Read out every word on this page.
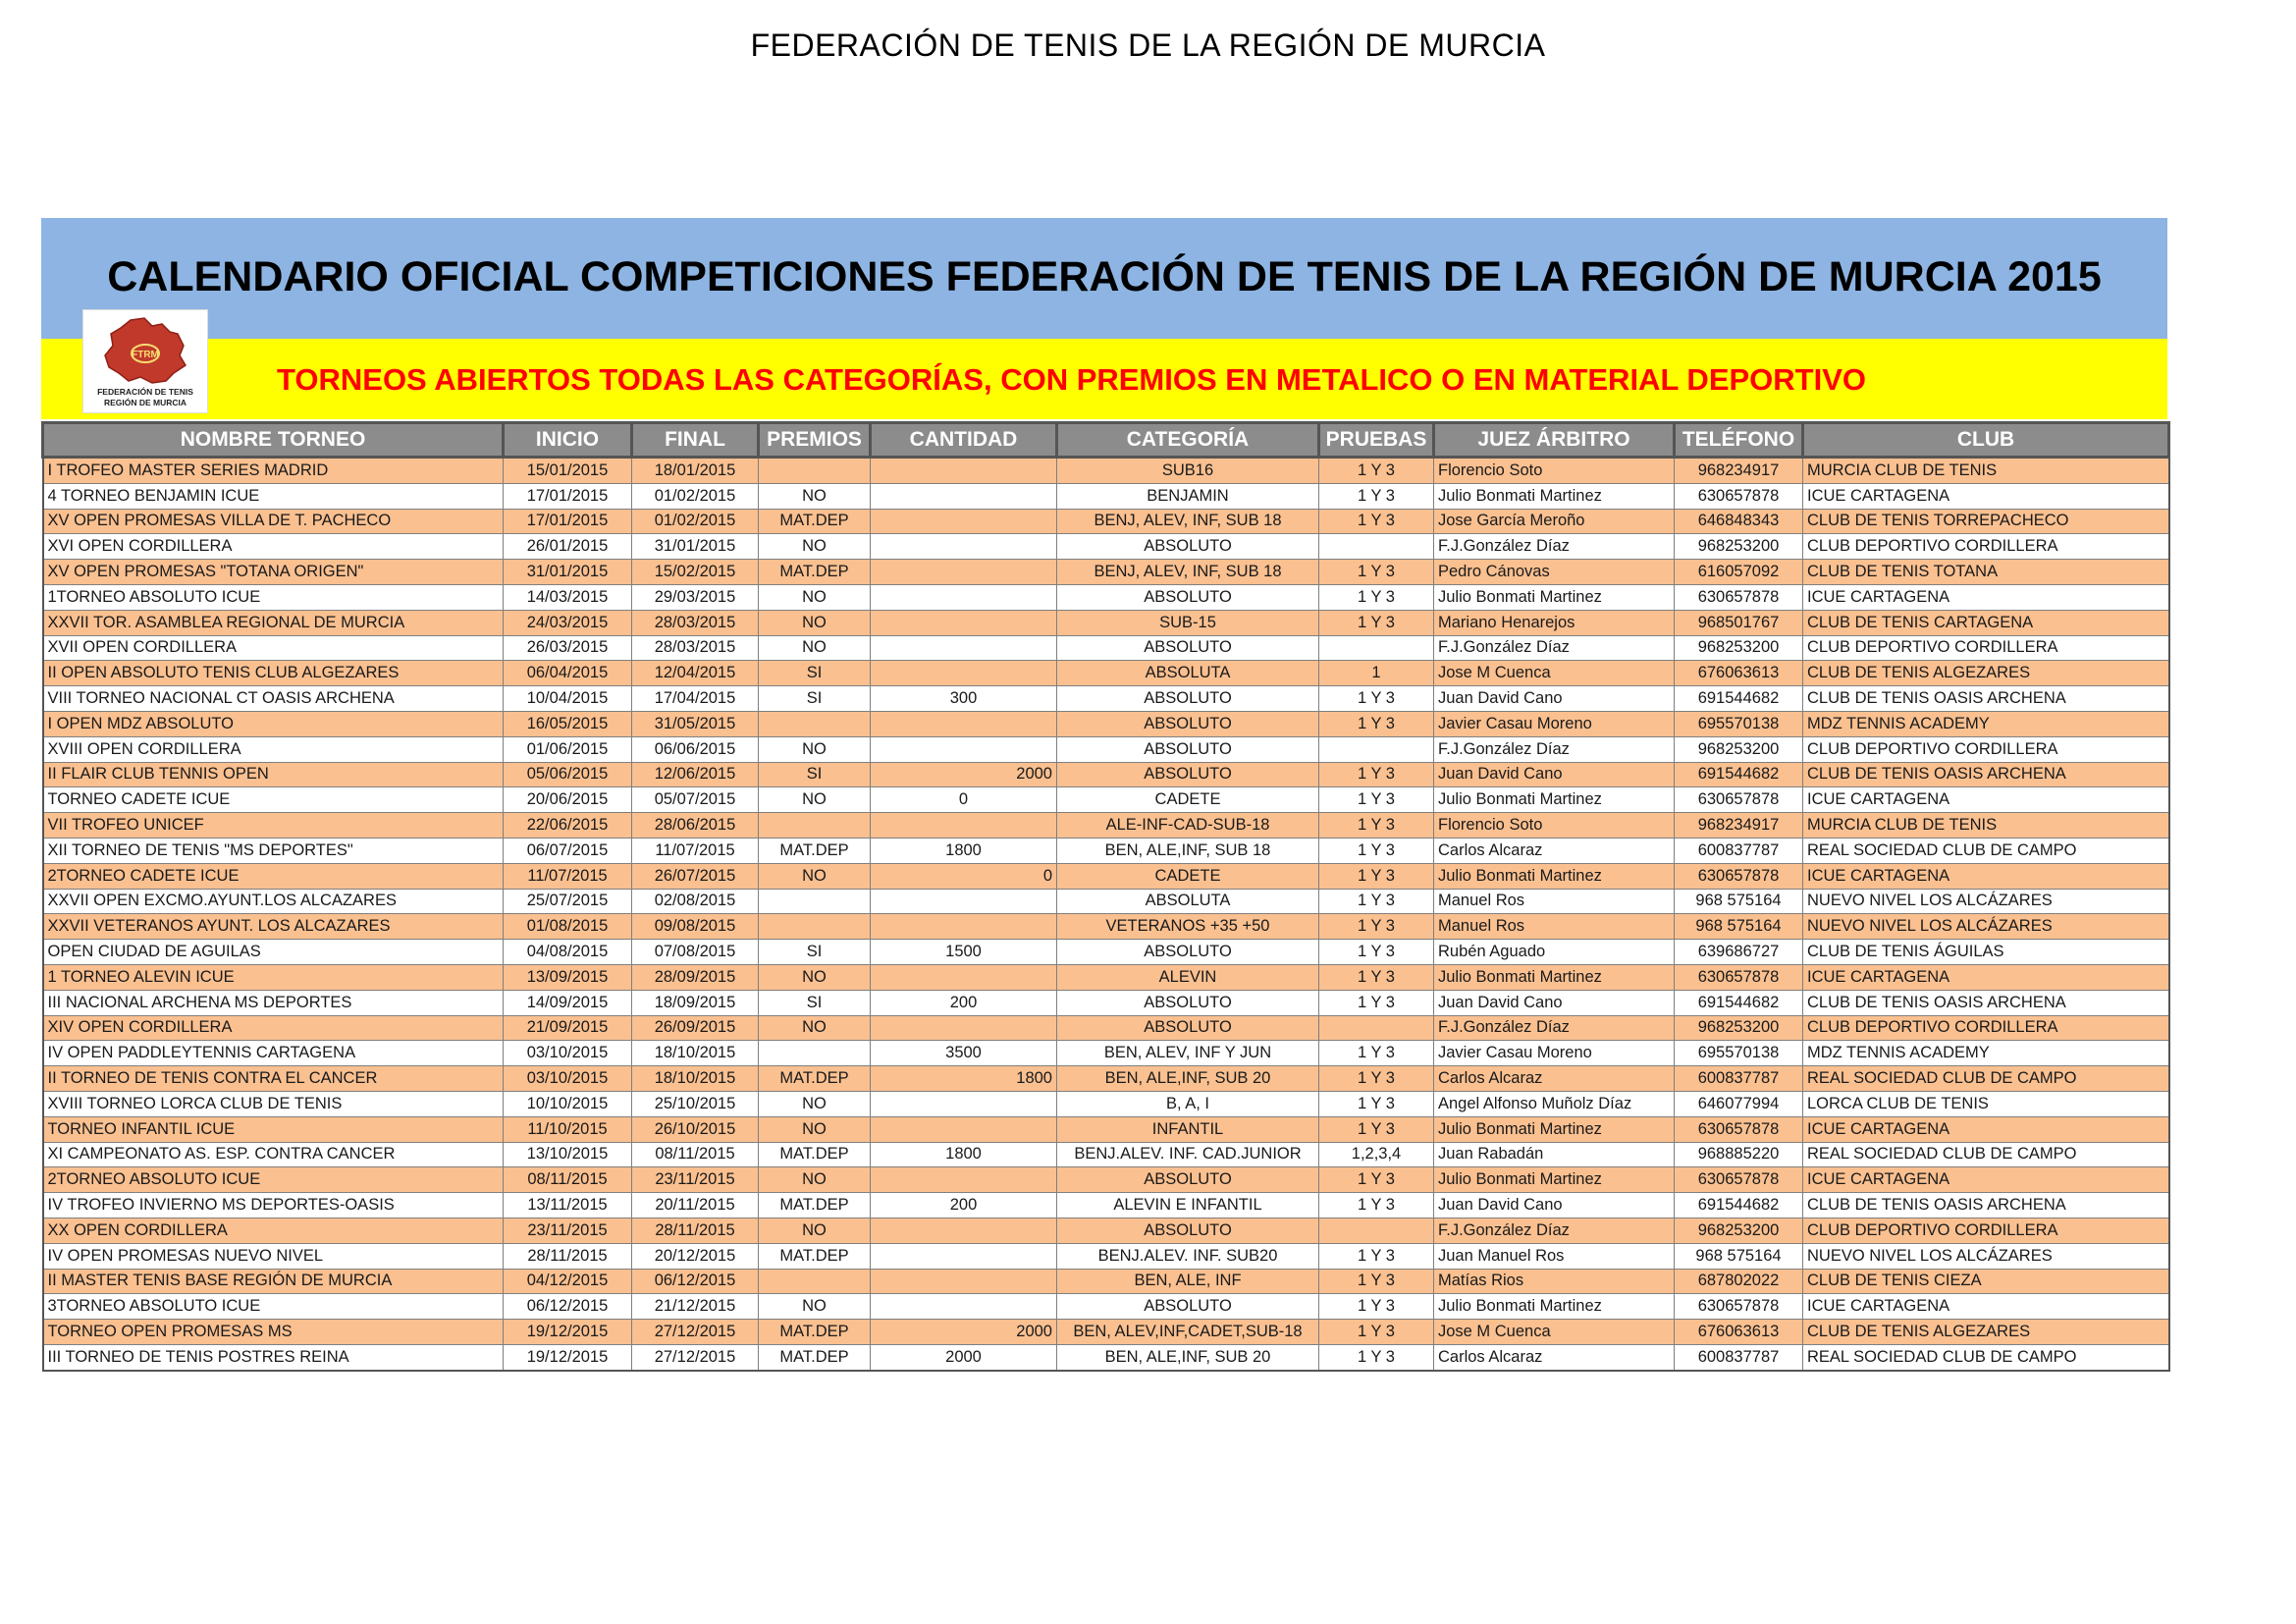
FEDERACIÓN DE TENIS DE LA REGIÓN DE MURCIA
CALENDARIO OFICIAL COMPETICIONES FEDERACIÓN DE TENIS DE LA REGIÓN DE MURCIA 2015
TORNEOS ABIERTOS TODAS LAS CATEGORÍAS, CON PREMIOS EN METALICO O EN MATERIAL DEPORTIVO
FTRM
FEDERACIÓN DE TENIS
REGIÓN DE MURCIA
NOMBRE TORNEO	INICIO	FINAL	PREMIOS	CANTIDAD	CATEGORÍA	PRUEBAS	JUEZ ÁRBITRO	TELÉFONO	CLUB
I TROFEO MASTER SERIES MADRID	15/01/2015	18/01/2015			SUB16	1 Y 3	Florencio Soto	968234917	MURCIA CLUB DE TENIS
4 TORNEO BENJAMIN ICUE	17/01/2015	01/02/2015	NO		BENJAMIN	1 Y 3	Julio Bonmati Martinez	630657878	ICUE CARTAGENA
XV OPEN PROMESAS VILLA DE T. PACHECO	17/01/2015	01/02/2015	MAT.DEP		BENJ, ALEV, INF, SUB 18	1 Y 3	Jose García Meroño	646848343	CLUB DE TENIS TORREPACHECO
XVI OPEN CORDILLERA	26/01/2015	31/01/2015	NO		ABSOLUTO		F.J.González Díaz	968253200	CLUB DEPORTIVO CORDILLERA
XV OPEN PROMESAS "TOTANA ORIGEN"	31/01/2015	15/02/2015	MAT.DEP		BENJ, ALEV, INF, SUB 18	1 Y 3	Pedro Cánovas	616057092	CLUB DE TENIS TOTANA
1TORNEO ABSOLUTO ICUE	14/03/2015	29/03/2015	NO		ABSOLUTO	1 Y 3	Julio Bonmati Martinez	630657878	ICUE CARTAGENA
XXVII TOR. ASAMBLEA REGIONAL DE MURCIA	24/03/2015	28/03/2015	NO		SUB-15	1 Y 3	Mariano Henarejos	968501767	CLUB DE TENIS CARTAGENA
XVII OPEN CORDILLERA	26/03/2015	28/03/2015	NO		ABSOLUTO		F.J.González Díaz	968253200	CLUB DEPORTIVO CORDILLERA
II OPEN ABSOLUTO TENIS CLUB ALGEZARES	06/04/2015	12/04/2015	SI		ABSOLUTA	1	Jose M Cuenca	676063613	CLUB DE TENIS ALGEZARES
VIII TORNEO NACIONAL CT OASIS ARCHENA	10/04/2015	17/04/2015	SI	300	ABSOLUTO	1 Y 3	Juan David Cano	691544682	CLUB DE TENIS OASIS ARCHENA
I OPEN MDZ ABSOLUTO	16/05/2015	31/05/2015			ABSOLUTO	1 Y 3	Javier Casau Moreno	695570138	MDZ TENNIS ACADEMY
XVIII OPEN CORDILLERA	01/06/2015	06/06/2015	NO		ABSOLUTO		F.J.González Díaz	968253200	CLUB DEPORTIVO CORDILLERA
II FLAIR CLUB TENNIS OPEN	05/06/2015	12/06/2015	SI	2000	ABSOLUTO	1 Y 3	Juan David Cano	691544682	CLUB DE TENIS OASIS ARCHENA
TORNEO CADETE ICUE	20/06/2015	05/07/2015	NO	0	CADETE	1 Y 3	Julio Bonmati Martinez	630657878	ICUE CARTAGENA
VII TROFEO UNICEF	22/06/2015	28/06/2015			ALE-INF-CAD-SUB-18	1 Y 3	Florencio Soto	968234917	MURCIA CLUB DE TENIS
XII TORNEO DE TENIS "MS DEPORTES"	06/07/2015	11/07/2015	MAT.DEP	1800	BEN, ALE,INF, SUB 18	1 Y 3	Carlos Alcaraz	600837787	REAL SOCIEDAD CLUB DE CAMPO
2TORNEO CADETE ICUE	11/07/2015	26/07/2015	NO	0	CADETE	1 Y 3	Julio Bonmati Martinez	630657878	ICUE CARTAGENA
XXVII OPEN EXCMO.AYUNT.LOS ALCAZARES	25/07/2015	02/08/2015			ABSOLUTA	1 Y 3	Manuel Ros	968 575164	NUEVO NIVEL LOS ALCÁZARES
XXVII VETERANOS AYUNT. LOS ALCAZARES	01/08/2015	09/08/2015			VETERANOS +35 +50	1 Y 3	Manuel Ros	968 575164	NUEVO NIVEL LOS ALCÁZARES
OPEN CIUDAD DE AGUILAS	04/08/2015	07/08/2015	SI	1500	ABSOLUTO	1 Y 3	Rubén Aguado	639686727	CLUB DE TENIS ÁGUILAS
1 TORNEO ALEVIN ICUE	13/09/2015	28/09/2015	NO		ALEVIN	1 Y 3	Julio Bonmati Martinez	630657878	ICUE CARTAGENA
III NACIONAL ARCHENA MS DEPORTES	14/09/2015	18/09/2015	SI	200	ABSOLUTO	1 Y 3	Juan David Cano	691544682	CLUB DE TENIS OASIS ARCHENA
XIV OPEN CORDILLERA	21/09/2015	26/09/2015	NO		ABSOLUTO		F.J.González Díaz	968253200	CLUB DEPORTIVO CORDILLERA
IV OPEN PADDLEYTENNIS CARTAGENA	03/10/2015	18/10/2015		3500	BEN, ALEV, INF Y JUN	1 Y 3	Javier Casau Moreno	695570138	MDZ TENNIS ACADEMY
II TORNEO DE TENIS CONTRA EL CANCER	03/10/2015	18/10/2015	MAT.DEP	1800	BEN, ALE,INF, SUB 20	1 Y 3	Carlos Alcaraz	600837787	REAL SOCIEDAD CLUB DE CAMPO
XVIII TORNEO LORCA CLUB DE TENIS	10/10/2015	25/10/2015	NO		B, A, I	1 Y 3	Angel Alfonso Muñolz Díaz	646077994	LORCA CLUB DE TENIS
TORNEO INFANTIL ICUE	11/10/2015	26/10/2015	NO		INFANTIL	1 Y 3	Julio Bonmati Martinez	630657878	ICUE CARTAGENA
XI CAMPEONATO AS. ESP. CONTRA CANCER	13/10/2015	08/11/2015	MAT.DEP	1800	BENJ.ALEV. INF. CAD.JUNIOR	1,2,3,4	Juan Rabadán	968885220	REAL SOCIEDAD CLUB DE CAMPO
2TORNEO ABSOLUTO ICUE	08/11/2015	23/11/2015	NO		ABSOLUTO	1 Y 3	Julio Bonmati Martinez	630657878	ICUE CARTAGENA
IV TROFEO INVIERNO MS DEPORTES-OASIS	13/11/2015	20/11/2015	MAT.DEP	200	ALEVIN E INFANTIL	1 Y 3	Juan David Cano	691544682	CLUB DE TENIS OASIS ARCHENA
XX OPEN CORDILLERA	23/11/2015	28/11/2015	NO		ABSOLUTO		F.J.González Díaz	968253200	CLUB DEPORTIVO CORDILLERA
IV OPEN PROMESAS NUEVO NIVEL	28/11/2015	20/12/2015	MAT.DEP		BENJ.ALEV. INF. SUB20	1 Y 3	Juan Manuel Ros	968 575164	NUEVO NIVEL LOS ALCÁZARES
II MASTER TENIS BASE REGIÓN DE MURCIA	04/12/2015	06/12/2015			BEN, ALE, INF	1 Y 3	Matías Rios	687802022	CLUB DE TENIS CIEZA
3TORNEO ABSOLUTO ICUE	06/12/2015	21/12/2015	NO		ABSOLUTO	1 Y 3	Julio Bonmati Martinez	630657878	ICUE CARTAGENA
TORNEO OPEN PROMESAS MS	19/12/2015	27/12/2015	MAT.DEP	2000	BEN, ALEV,INF,CADET,SUB-18	1 Y 3	Jose M Cuenca	676063613	CLUB DE TENIS ALGEZARES
III TORNEO DE TENIS POSTRES REINA	19/12/2015	27/12/2015	MAT.DEP	2000	BEN, ALE,INF, SUB 20	1 Y 3	Carlos Alcaraz	600837787	REAL SOCIEDAD CLUB DE CAMPO
